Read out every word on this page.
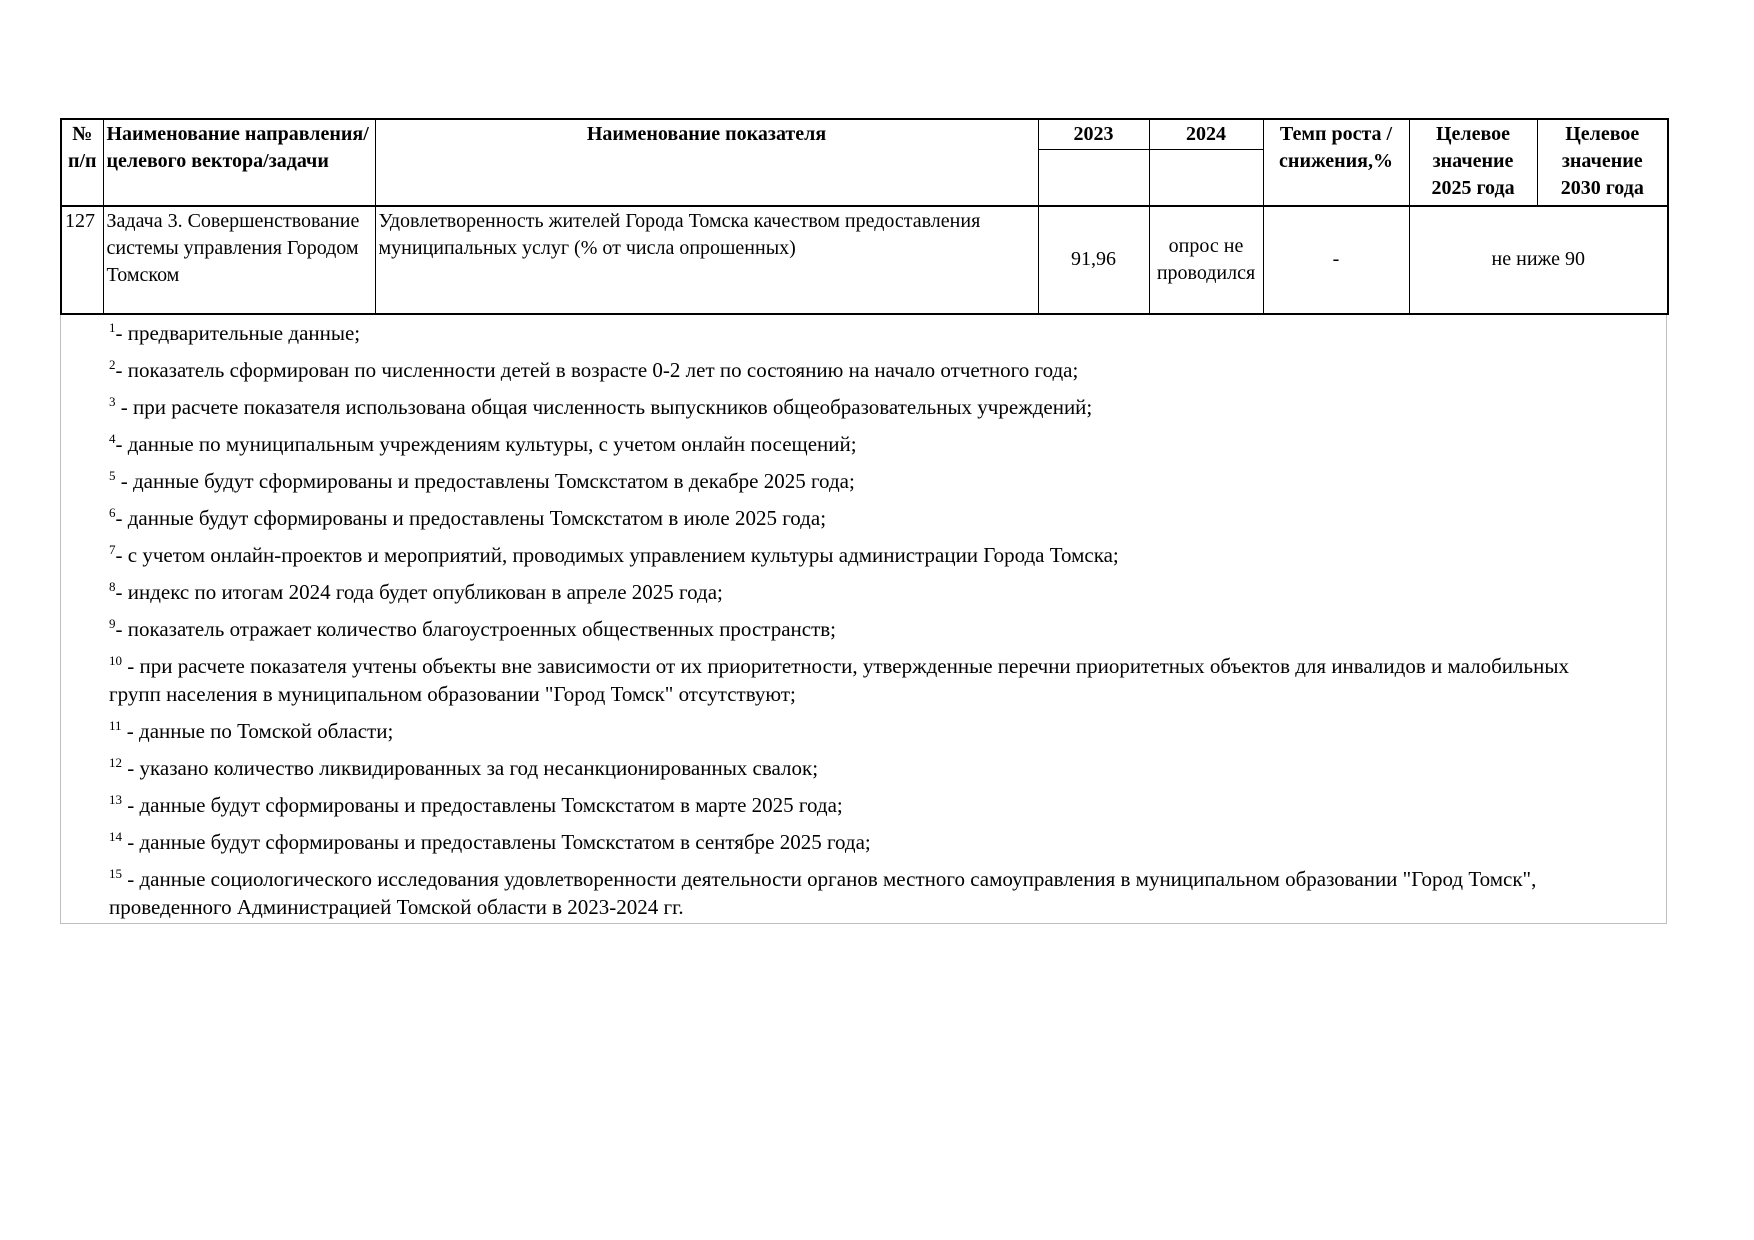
№ п/п	Наименование направления/целевого вектора/задачи	Наименование показателя	2023	2024	Темп роста / снижения,%	Целевое значение 2025 года	Целевое значение 2030 года

127	Задача 3. Совершенствование системы управления Городом Томском	Удовлетворенность жителей Города Томска качеством предоставления муниципальных услуг (% от числа опрошенных)	91,96	опрос не проводился	-	не ниже 90	
$^1$- предварительные данные;
$^2$- показатель сформирован по численности детей в возрасте 0-2 лет по состоянию на начало отчетного года;
$^3$ - при расчете показателя использована общая численность выпускников общеобразовательных учреждений;
$^4$- данные по муниципальным учреждениям культуры, с учетом онлайн посещений;
$^5$ - данные будут сформированы и предоставлены Томскстатом в декабре 2025 года;
$^6$- данные будут сформированы и предоставлены Томскстатом в июле 2025 года;
$^7$- с учетом онлайн-проектов и мероприятий, проводимых управлением культуры администрации Города Томска;
$^8$- индекс по итогам 2024 года будет опубликован в апреле 2025 года;
$^9$- показатель отражает количество благоустроенных общественных пространств;
$^{10}$ - при расчете показателя учтены объекты вне зависимости от их приоритетности, утвержденные перечни приоритетных объектов для инвалидов и малобильных групп населения в муниципальном образовании "Город Томск" отсутствуют;
$^{11}$ - данные по Томской области;
$^{12}$ - указано количество ликвидированных за год несанкционированных свалок;
$^{13}$ - данные будут сформированы и предоставлены Томскстатом в марте 2025 года;
$^{14}$ - данные будут сформированы и предоставлены Томскстатом в сентябре 2025 года;
$^{15}$ - данные социологического исследования удовлетворенности деятельности органов местного самоуправления в муниципальном образовании "Город Томск", проведенного Администрацией Томской области в 2023-2024 гг.
